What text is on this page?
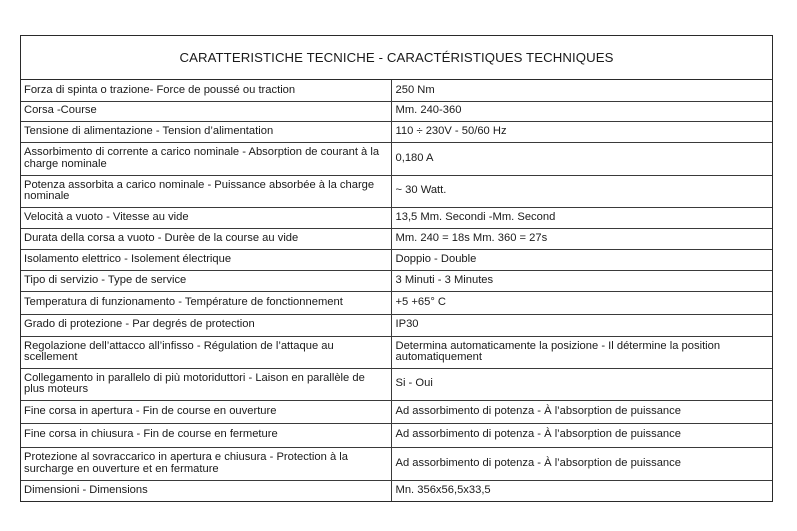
CARATTERISTICHE TECNICHE - CARACTÉRISTIQUES TECHNIQUES
Forza di spinta o trazione- Force de poussé ou traction	250 Nm
Corsa -Course	Mm. 240-360
Tensione di alimentazione - Tension d’alimentation	110 ÷ 230V - 50/60 Hz
Assorbimento di corrente a carico nominale - Absorption de courant à la charge nominale	0,180 A
Potenza assorbita a carico nominale - Puissance absorbée à la charge nominale	~ 30 Watt.
Velocità a vuoto - Vitesse au vide	13,5 Mm. Secondi -Mm. Second
Durata della corsa a vuoto - Durèe de la course au vide	Mm. 240 = 18s Mm. 360 = 27s
Isolamento elettrico - Isolement électrique	Doppio - Double
Tipo di servizio - Type de service	3 Minuti - 3 Minutes
Temperatura di funzionamento - Température de fonctionnement	+5 +65° C
Grado di protezione - Par degrés de protection	IP30
Regolazione dell’attacco all’infisso - Régulation de l’attaque au scellement	Determina automaticamente la posizione - Il détermine la position automatiquement
Collegamento in parallelo di più motoriduttori - Laison en parallèle de plus moteurs	Si - Oui
Fine corsa in apertura - Fin de course en ouverture	Ad assorbimento di potenza - À l’absorption de puissance
Fine corsa in chiusura - Fin de course en fermeture	Ad assorbimento di potenza - À l’absorption de puissance
Protezione al sovraccarico in apertura e chiusura - Protection à la surcharge en ouverture et en fermature	Ad assorbimento di potenza - À l’absorption de puissance
Dimensioni - Dimensions	Mn. 356x56,5x33,5
